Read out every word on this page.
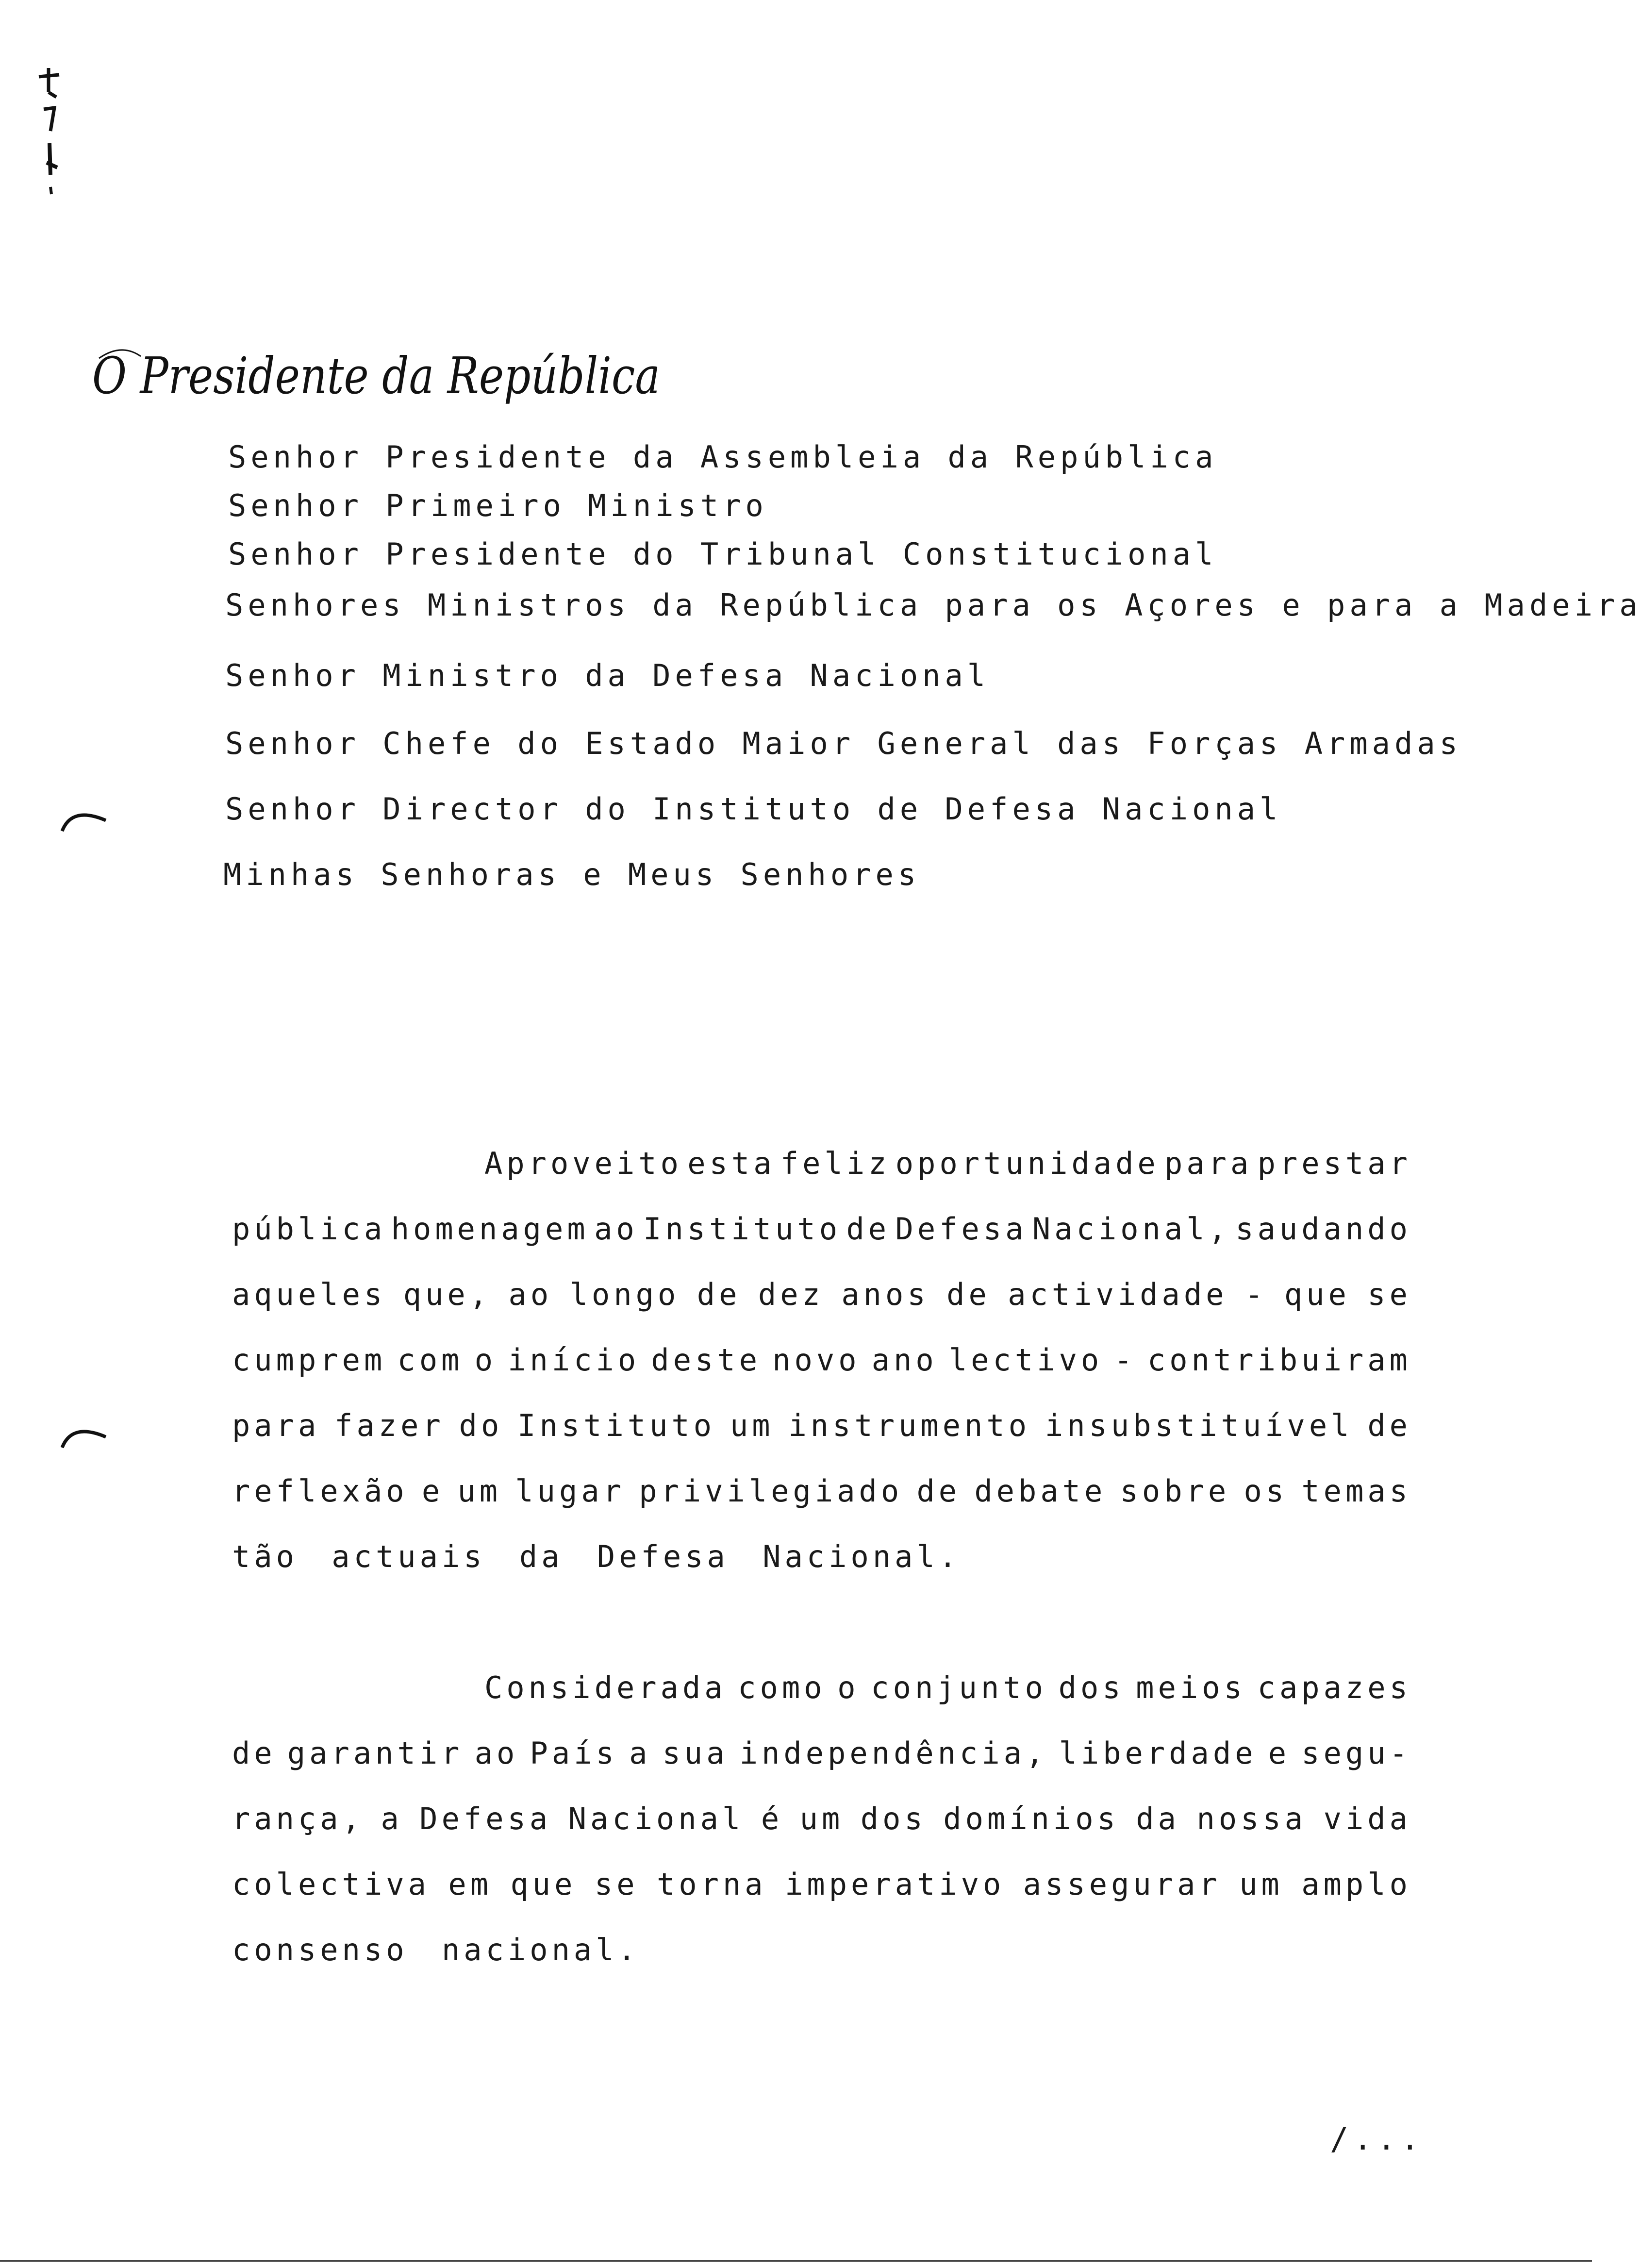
O Presidente da República
Senhor Presidente da Assembleia da República
Senhor Primeiro Ministro
Senhor Presidente do Tribunal Constitucional
Senhores Ministros da República para os Açores e para a Madeira
Senhor Ministro da Defesa Nacional
Senhor Chefe do Estado Maior General das Forças Armadas
Senhor Director do Instituto de Defesa Nacional
Minhas Senhoras e Meus Senhores
Aproveito esta feliz oportunidade para prestar
pública homenagem ao Instituto de Defesa Nacional, saudando
aqueles que, ao longo de dez anos de actividade - que se
cumprem com o início deste novo ano lectivo - contribuiram
para fazer do Instituto um instrumento insubstituível de
reflexão e um lugar privilegiado de debate sobre os temas
tão actuais da Defesa Nacional.
Considerada como o conjunto dos meios capazes
de garantir ao País a sua independência, liberdade e segu-
rança, a Defesa Nacional é um dos domínios da nossa vida
colectiva em que se torna imperativo assegurar um amplo
consenso nacional.
/...
